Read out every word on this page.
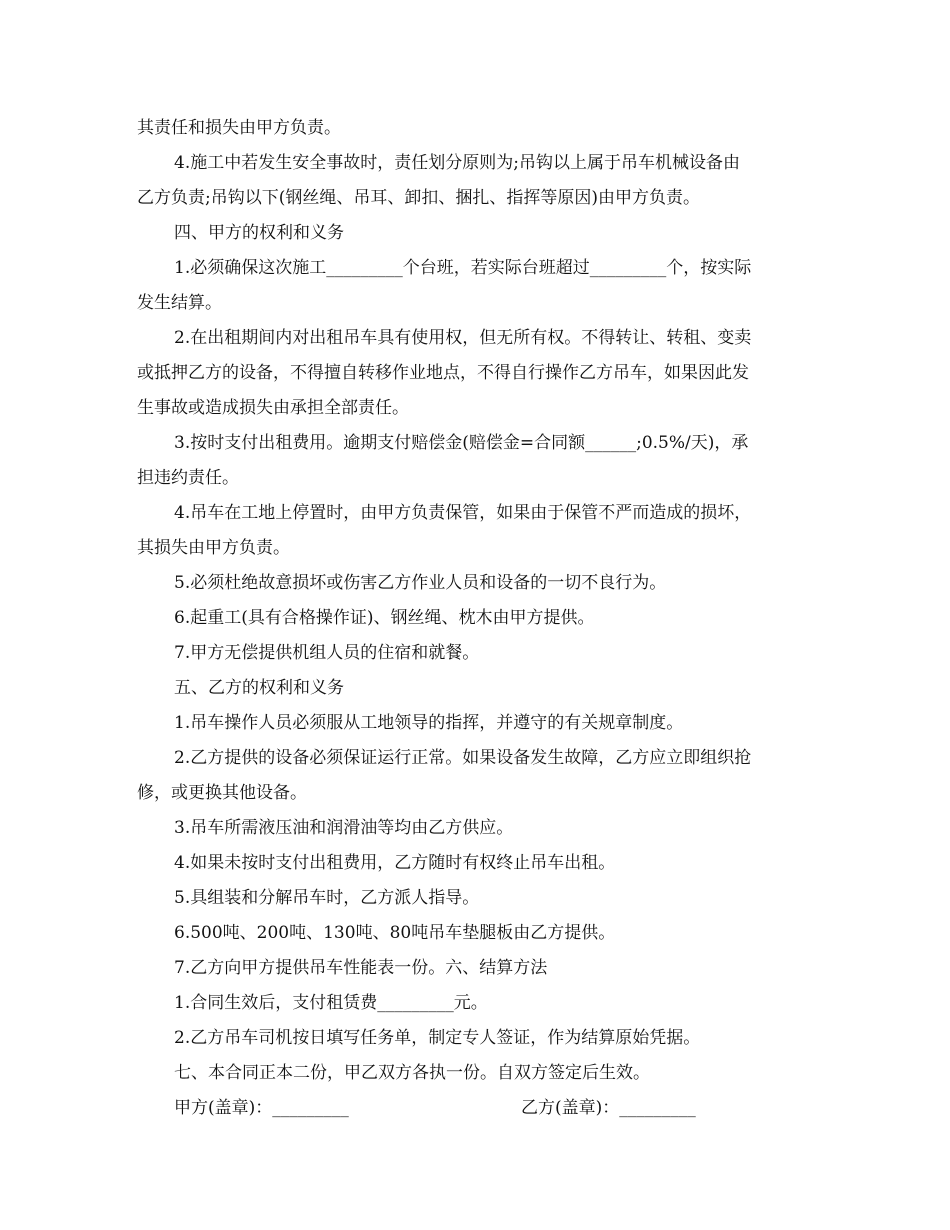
其责任和损失由甲方负责。

4.施工中若发生安全事故时，责任划分原则为;吊钩以上属于吊车机械设备由

乙方负责;吊钩以下(钢丝绳、吊耳、卸扣、捆扎、指挥等原因)由甲方负责。

四、甲方的权利和义务

1.必须确保这次施工_________个台班，若实际台班超过_________个，按实际

发生结算。

2.在出租期间内对出租吊车具有使用权，但无所有权。不得转让、转租、变卖

或抵押乙方的设备，不得擅自转移作业地点，不得自行操作乙方吊车，如果因此发

生事故或造成损失由承担全部责任。

3.按时支付出租费用。逾期支付赔偿金(赔偿金=合同额______;0.5%/天)，承

担违约责任。

4.吊车在工地上停置时，由甲方负责保管，如果由于保管不严而造成的损坏，

其损失由甲方负责。

5.必须杜绝故意损坏或伤害乙方作业人员和设备的一切不良行为。

6.起重工(具有合格操作证)、钢丝绳、枕木由甲方提供。

7.甲方无偿提供机组人员的住宿和就餐。

五、乙方的权利和义务

1.吊车操作人员必须服从工地领导的指挥，并遵守的有关规章制度。

2.乙方提供的设备必须保证运行正常。如果设备发生故障，乙方应立即组织抢

修，或更换其他设备。

3.吊车所需液压油和润滑油等均由乙方供应。

4.如果未按时支付出租费用，乙方随时有权终止吊车出租。

5.具组装和分解吊车时，乙方派人指导。

6.500吨、200吨、130吨、80吨吊车垫腿板由乙方提供。

7.乙方向甲方提供吊车性能表一份。六、结算方法

1.合同生效后，支付租赁费_________元。

2.乙方吊车司机按日填写任务单，制定专人签证，作为结算原始凭据。

七、本合同正本二份，甲乙双方各执一份。自双方签定后生效。

甲方(盖章)：_________	乙方(盖章)：_________
